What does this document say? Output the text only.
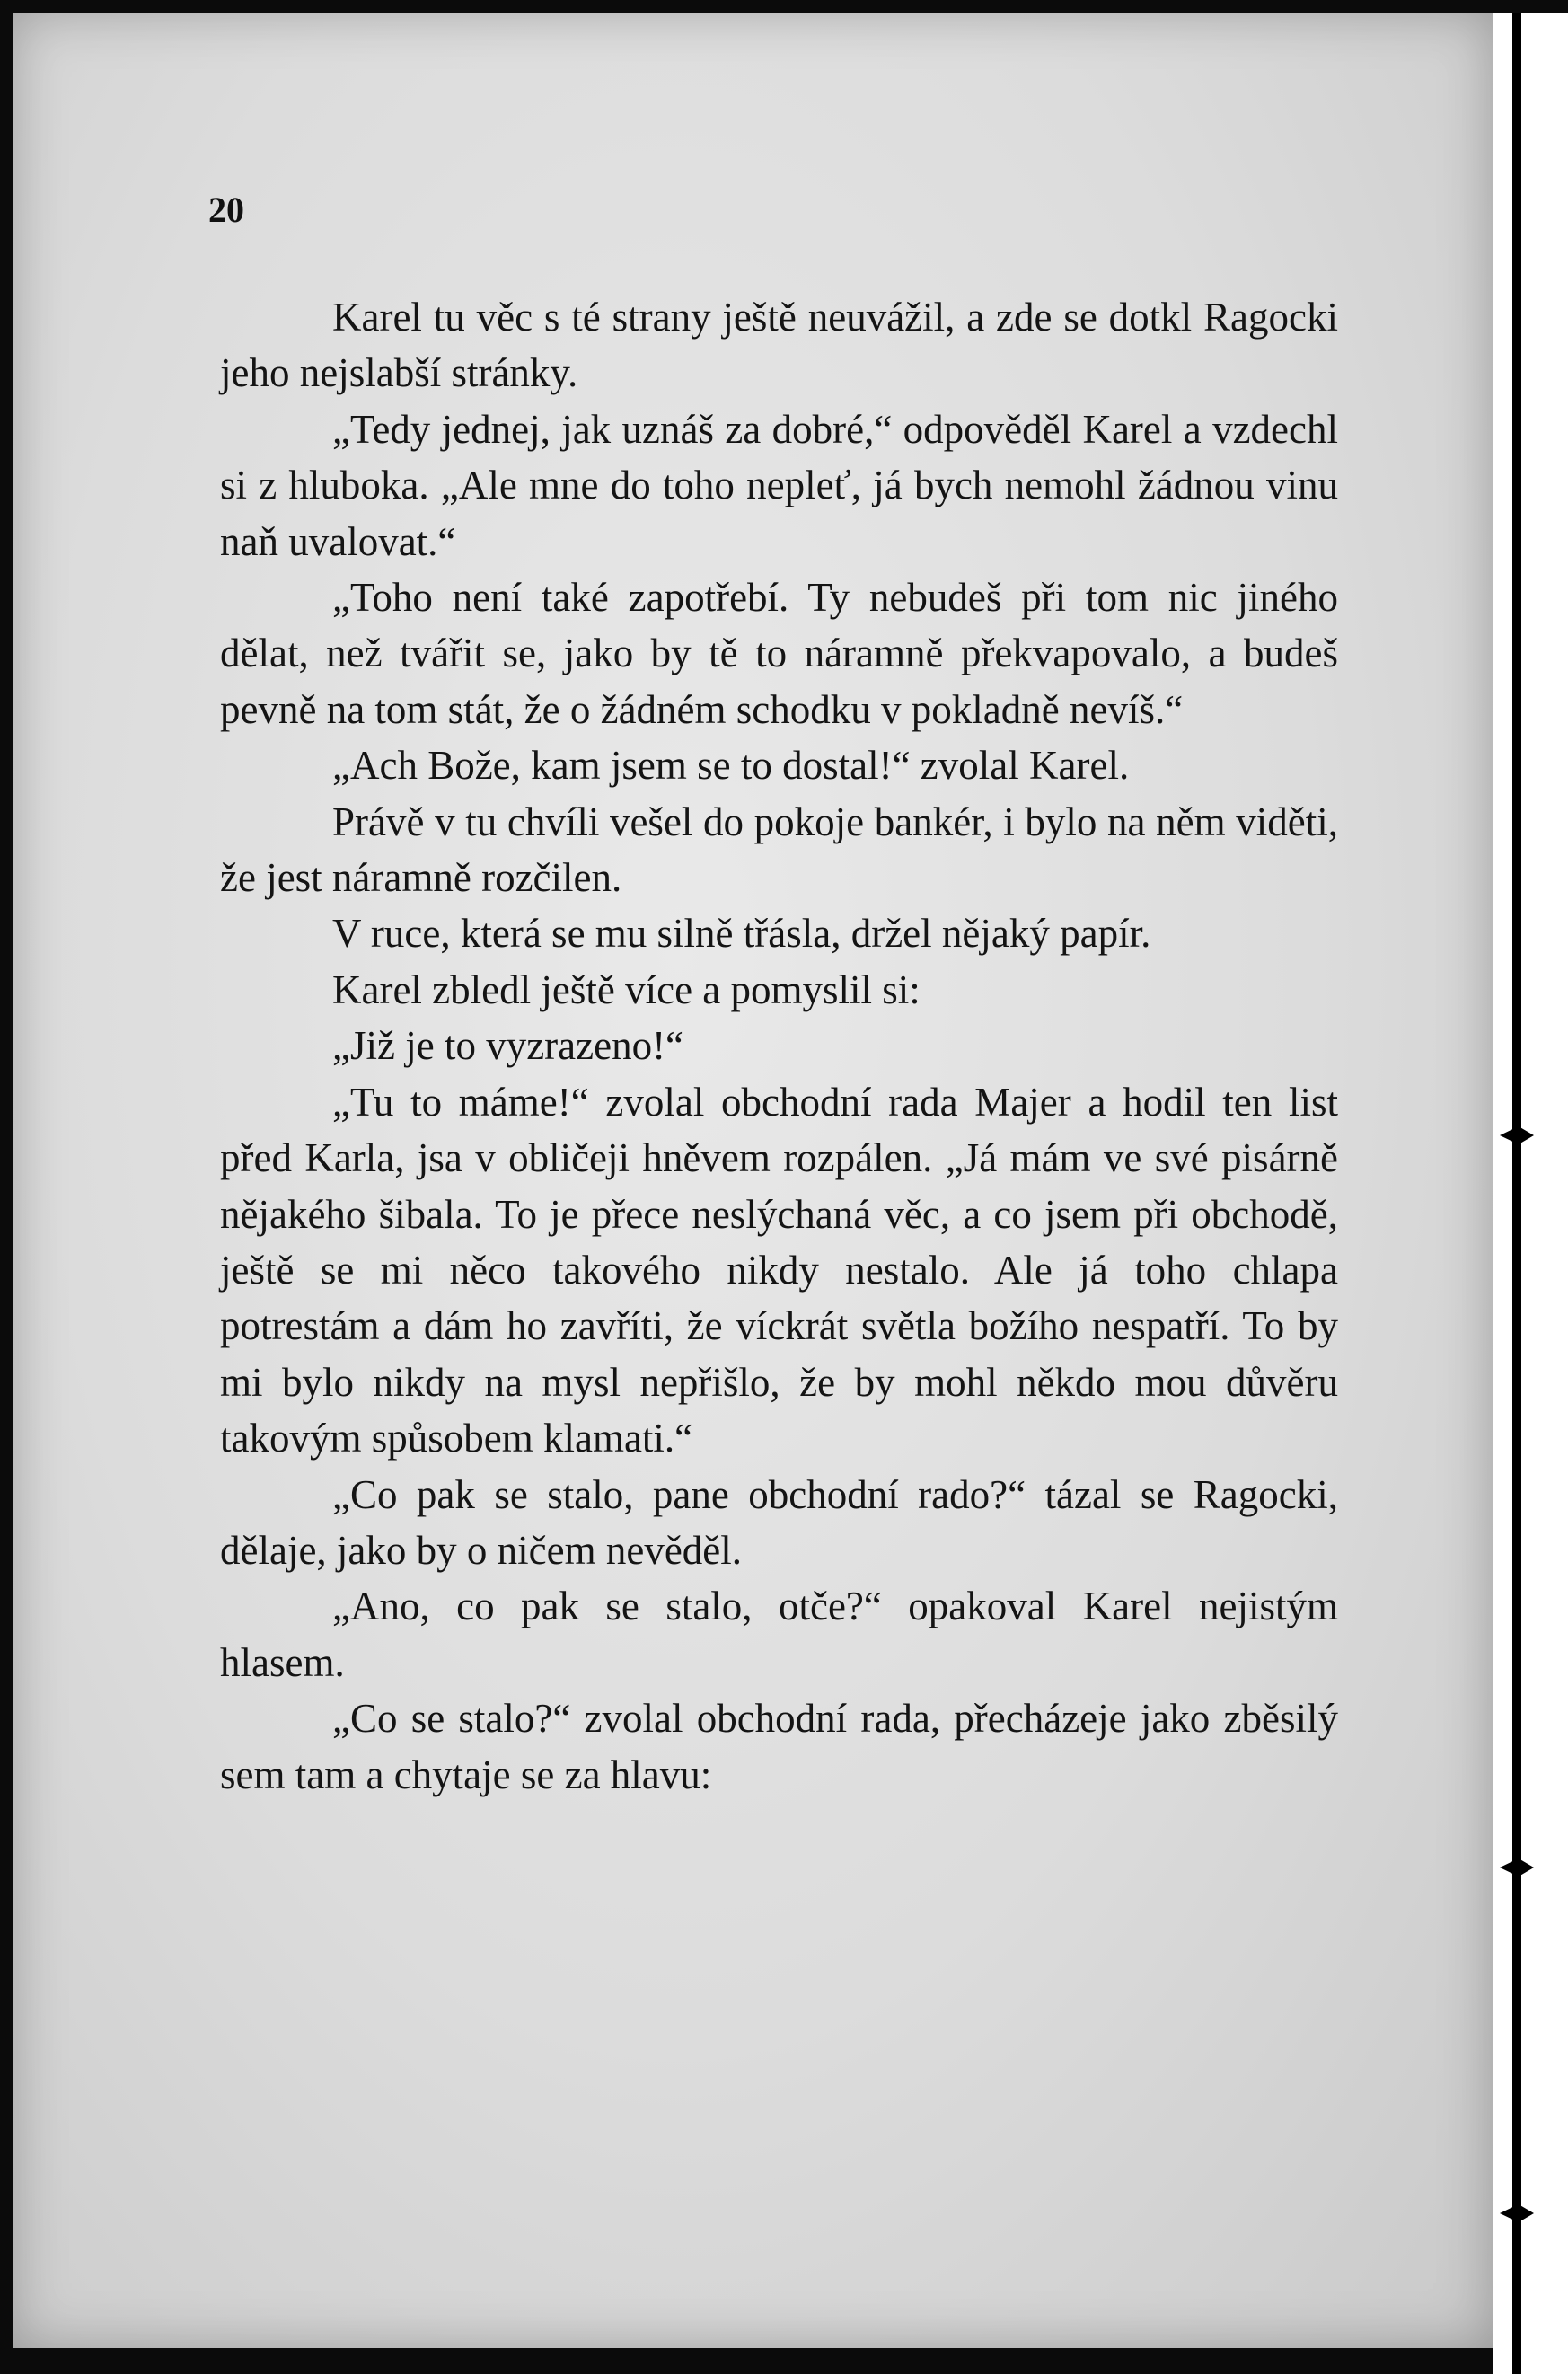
20

Karel tu věc s té strany ještě neuvážil, a zde se dotkl Ragocki jeho nejslabší stránky.

„Tedy jednej, jak uznáš za dobré,“ odpověděl Karel a vzdechl si z hluboka. „Ale mne do toho nepleť, já bych nemohl žádnou vinu naň uvalovat.“

„Toho není také zapotřebí. Ty nebudeš při tom nic jiného dělat, než tvářit se, jako by tě to náramně překvapovalo, a budeš pevně na tom stát, že o žádném schodku v pokladně nevíš.“

„Ach Bože, kam jsem se to dostal!“ zvolal Karel.

Právě v tu chvíli vešel do pokoje bankér, i bylo na něm viděti, že jest náramně rozčilen.

V ruce, která se mu silně třásla, držel nějaký papír.

Karel zbledl ještě více a pomyslil si:

„Již je to vyzrazeno!“

„Tu to máme!“ zvolal obchodní rada Majer a hodil ten list před Karla, jsa v obličeji hněvem rozpálen. „Já mám ve své pisárně nějakého šibala. To je přece neslýchaná věc, a co jsem při obchodě, ještě se mi něco takového nikdy nestalo. Ale já toho chlapa potrestám a dám ho zavříti, že víckrát světla božího nespatří. To by mi bylo nikdy na mysl nepřišlo, že by mohl někdo mou důvěru takovým spůsobem klamati.“

„Co pak se stalo, pane obchodní rado?“ tázal se Ragocki, dělaje, jako by o ničem nevěděl.

„Ano, co pak se stalo, otče?“ opakoval Karel nejistým hlasem.

„Co se stalo?“ zvolal obchodní rada, přecházeje jako zběsilý sem tam a chytaje se za hlavu:
